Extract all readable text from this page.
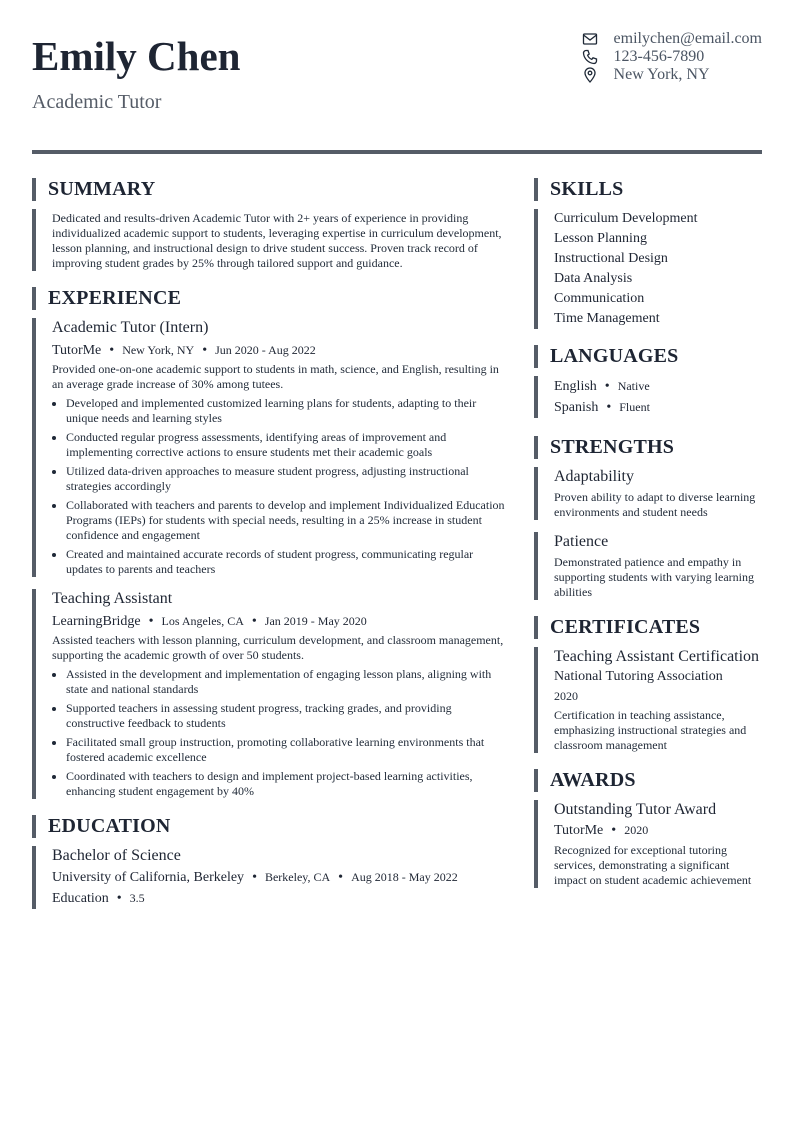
Emily Chen
Academic Tutor
emilychen@email.com
123-456-7890
New York, NY
SUMMARY
Dedicated and results-driven Academic Tutor with 2+ years of experience in providing individualized academic support to students, leveraging expertise in curriculum development, lesson planning, and instructional design to drive student success. Proven track record of improving student grades by 25% through tailored support and guidance.
EXPERIENCE
Academic Tutor (Intern)
TutorMe • New York, NY • Jun 2020 - Aug 2022
Provided one-on-one academic support to students in math, science, and English, resulting in an average grade increase of 30% among tutees.
• Developed and implemented customized learning plans for students, adapting to their unique needs and learning styles
• Conducted regular progress assessments, identifying areas of improvement and implementing corrective actions to ensure students met their academic goals
• Utilized data-driven approaches to measure student progress, adjusting instructional strategies accordingly
• Collaborated with teachers and parents to develop and implement Individualized Education Programs (IEPs) for students with special needs, resulting in a 25% increase in student confidence and engagement
• Created and maintained accurate records of student progress, communicating regular updates to parents and teachers
Teaching Assistant
LearningBridge • Los Angeles, CA • Jan 2019 - May 2020
Assisted teachers with lesson planning, curriculum development, and classroom management, supporting the academic growth of over 50 students.
• Assisted in the development and implementation of engaging lesson plans, aligning with state and national standards
• Supported teachers in assessing student progress, tracking grades, and providing constructive feedback to students
• Facilitated small group instruction, promoting collaborative learning environments that fostered academic excellence
• Coordinated with teachers to design and implement project-based learning activities, enhancing student engagement by 40%
EDUCATION
Bachelor of Science
University of California, Berkeley • Berkeley, CA • Aug 2018 - May 2022
Education • 3.5
SKILLS
Curriculum Development
Lesson Planning
Instructional Design
Data Analysis
Communication
Time Management
LANGUAGES
English • Native
Spanish • Fluent
STRENGTHS
Adaptability
Proven ability to adapt to diverse learning environments and student needs
Patience
Demonstrated patience and empathy in supporting students with varying learning abilities
CERTIFICATES
Teaching Assistant Certification
National Tutoring Association
2020
Certification in teaching assistance, emphasizing instructional strategies and classroom management
AWARDS
Outstanding Tutor Award
TutorMe • 2020
Recognized for exceptional tutoring services, demonstrating a significant impact on student academic achievement
